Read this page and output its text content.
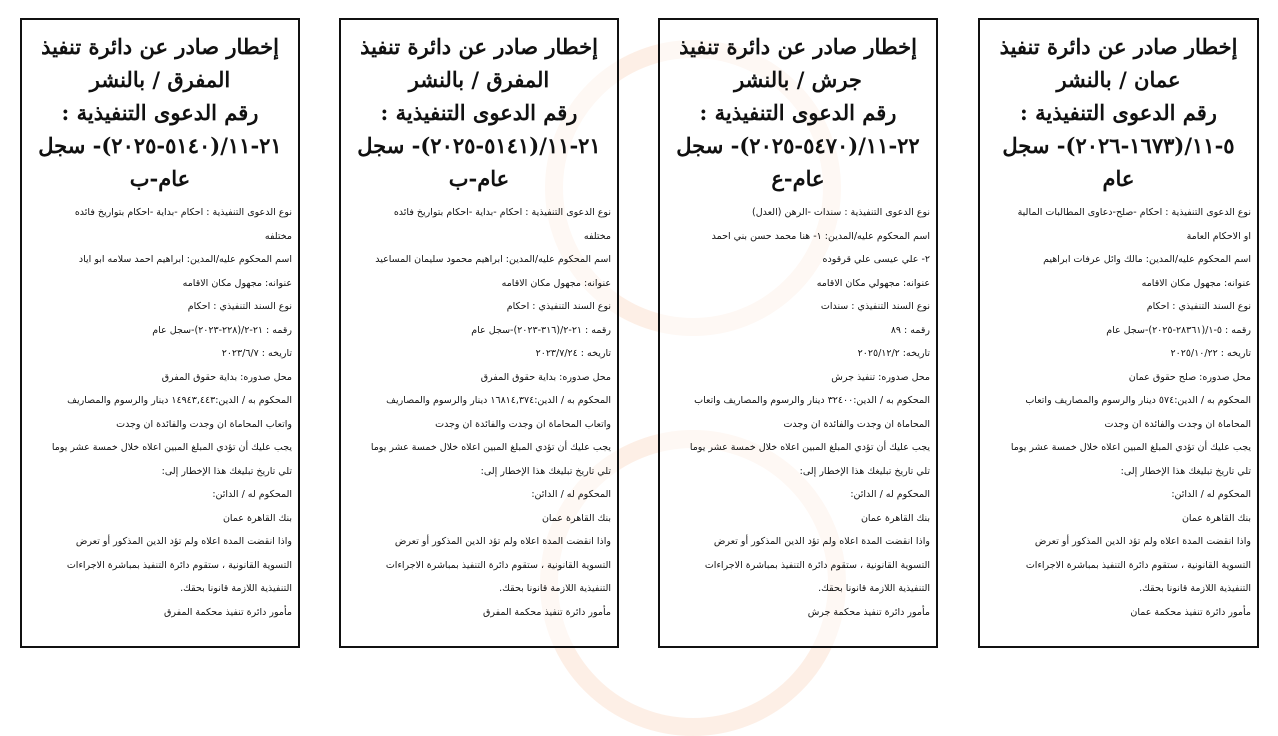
إخطار صادر عن دائرة تنفيذ
عمان / بالنشر
رقم الدعوى التنفيذية :
٥-١١/(١٦٧٣-٢٠٢٦)- سجل
عام
نوع الدعوى التنفيذية : احكام -صلح-دعاوى المطالبات المالية
او الاحكام العامة
اسم المحكوم عليه/المدين: مالك وائل عرفات ابراهيم
عنوانه: مجهول مكان الاقامه
نوع السند التنفيذي : احكام
رقمه : ٥-١/(٢٨٣٦١-٢٠٢٥)-سجل عام
تاريخه : ٢٠٢٥/١٠/٢٢
محل صدوره: صلح حقوق عمان
المحكوم به / الدين:٥٧٤ دينار والرسوم والمصاريف واتعاب
المحاماة ان وجدت والفائدة ان وجدت
يجب عليك أن تؤدي المبلغ المبين اعلاه خلال خمسة عشر يوما
تلي تاريخ تبليغك هذا الإخطار إلى:
المحكوم له / الدائن:
بنك القاهرة عمان
واذا انقضت المدة اعلاه ولم تؤد الدين المذكور أو تعرض
التسوية القانونية ، ستقوم دائرة التنفيذ بمباشرة الاجراءات
التنفيذية اللازمة قانونا بحقك.
مأمور دائرة تنفيذ محكمة عمان
إخطار صادر عن دائرة تنفيذ
جرش / بالنشر
رقم الدعوى التنفيذية :
٢٢-١١/(٥٤٧٠-٢٠٢٥)- سجل
عام-ع
نوع الدعوى التنفيذية : سندات -الرهن (العدل)
اسم المحكوم عليه/المدين: ١- هنا محمد حسن بني احمد
٢- علي عيسى علي قرقوده
عنوانه: مجهولي مكان الاقامه
نوع السند التنفيذي : سندات
رقمه : ٨٩
تاريخه: ٢٠٢٥/١٢/٢
محل صدوره: تنفيذ جرش
المحكوم به / الدين:٣٢٤٠٠ دينار والرسوم والمصاريف واتعاب
المحاماة ان وجدت والفائدة ان وجدت
يجب عليك أن تؤدي المبلغ المبين اعلاه خلال خمسة عشر يوما
تلي تاريخ تبليغك هذا الإخطار إلى:
المحكوم له / الدائن:
بنك القاهرة عمان
واذا انقضت المدة اعلاه ولم تؤد الدين المذكور أو تعرض
التسوية القانونية ، ستقوم دائرة التنفيذ بمباشرة الاجراءات
التنفيذية اللازمة قانونا بحقك.
مأمور دائرة تنفيذ محكمة جرش
إخطار صادر عن دائرة تنفيذ
المفرق / بالنشر
رقم الدعوى التنفيذية :
٢١-١١/(٥١٤١-٢٠٢٥)- سجل
عام-ب
نوع الدعوى التنفيذية : احكام -بداية -احكام بتواريخ فائده
مختلفه
اسم المحكوم عليه/المدين: ابراهيم محمود سليمان المساعيد
عنوانه: مجهول مكان الاقامه
نوع السند التنفيذي : احكام
رقمه : ٢١-٢/(٣١٦-٢٠٢٣)-سجل عام
تاريخه : ٢٠٢٣/٧/٢٤
محل صدوره: بداية حقوق المفرق
المحكوم به / الدين:١٦٨١٤,٣٧٤ دينار والرسوم والمصاريف
واتعاب المحاماة ان وجدت والفائدة ان وجدت
يجب عليك أن تؤدي المبلغ المبين اعلاه خلال خمسة عشر يوما
تلي تاريخ تبليغك هذا الإخطار إلى:
المحكوم له / الدائن:
بنك القاهرة عمان
واذا انقضت المدة اعلاه ولم تؤد الدين المذكور أو تعرض
التسوية القانونية ، ستقوم دائرة التنفيذ بمباشرة الاجراءات
التنفيذية اللازمة قانونا بحقك.
مأمور دائرة تنفيذ محكمة المفرق
إخطار صادر عن دائرة تنفيذ
المفرق / بالنشر
رقم الدعوى التنفيذية :
٢١-١١/(٥١٤٠-٢٠٢٥)- سجل
عام-ب
نوع الدعوى التنفيذية : احكام -بداية -احكام بتواريخ فائده
مختلفه
اسم المحكوم عليه/المدين: ابراهيم احمد سلامه ابو اياد
عنوانه: مجهول مكان الاقامه
نوع السند التنفيذي : احكام
رقمه : ٢١-٢/(٢٢٨-٢٠٢٣)-سجل عام
تاريخه : ٢٠٢٣/٦/٧
محل صدوره: بداية حقوق المفرق
المحكوم به / الدين:١٤٩٤٣,٤٤٣ دينار والرسوم والمصاريف
واتعاب المحاماة ان وجدت والفائدة ان وجدت
يجب عليك أن تؤدي المبلغ المبين اعلاه خلال خمسة عشر يوما
تلي تاريخ تبليغك هذا الإخطار إلى:
المحكوم له / الدائن:
بنك القاهرة عمان
واذا انقضت المدة اعلاه ولم تؤد الدين المذكور أو تعرض
التسوية القانونية ، ستقوم دائرة التنفيذ بمباشرة الاجراءات
التنفيذية اللازمة قانونا بحقك.
مأمور دائرة تنفيذ محكمة المفرق
